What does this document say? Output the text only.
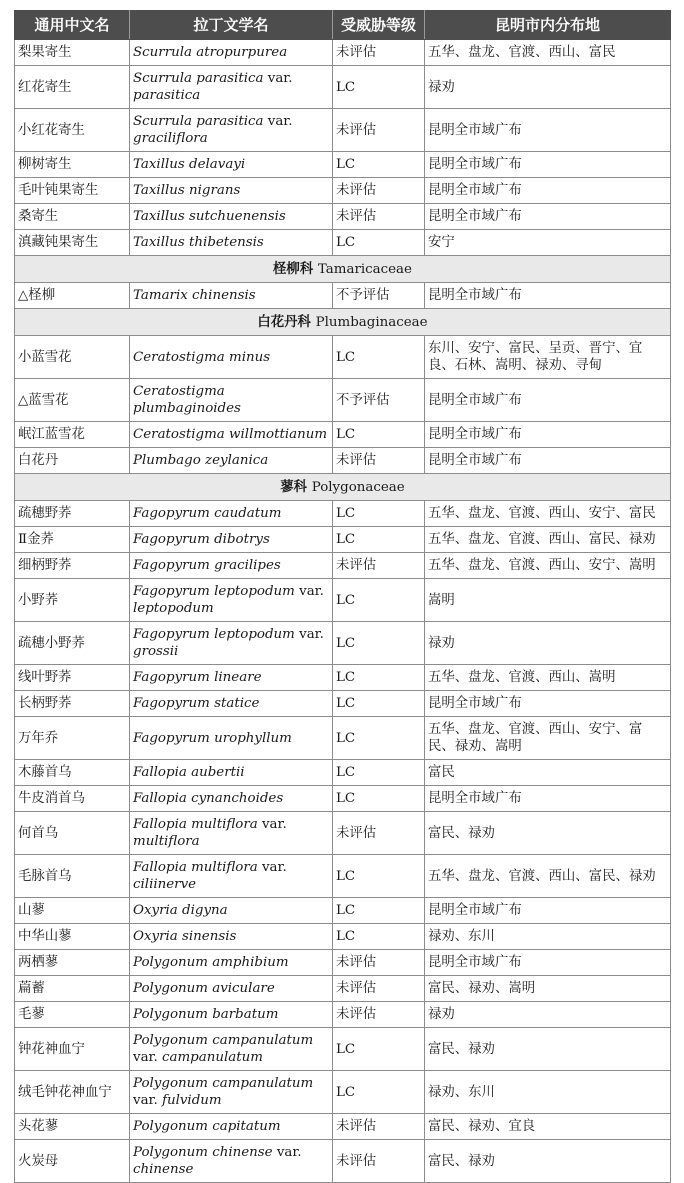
通用中文名	拉丁文学名	受威胁等级	昆明市内分布地
梨果寄生	Scurrula atropurpurea	未评估	五华、盘龙、官渡、西山、富民
红花寄生	Scurrula parasitica var. parasitica	LC	禄劝
小红花寄生	Scurrula parasitica var. graciliflora	未评估	昆明全市域广布
柳树寄生	Taxillus delavayi	LC	昆明全市域广布
毛叶钝果寄生	Taxillus nigrans	未评估	昆明全市域广布
桑寄生	Taxillus sutchuenensis	未评估	昆明全市域广布
滇藏钝果寄生	Taxillus thibetensis	LC	安宁
柽柳科 Tamaricaceae			
△柽柳	Tamarix chinensis	不予评估	昆明全市域广布
白花丹科 Plumbaginaceae			
小蓝雪花	Ceratostigma minus	LC	东川、安宁、富民、呈贡、晋宁、宜良、石林、嵩明、禄劝、寻甸
△蓝雪花	Ceratostigma plumbaginoides	不予评估	昆明全市域广布
岷江蓝雪花	Ceratostigma willmottianum	LC	昆明全市域广布
白花丹	Plumbago zeylanica	未评估	昆明全市域广布
蓼科 Polygonaceae			
疏穗野荞	Fagopyrum caudatum	LC	五华、盘龙、官渡、西山、安宁、富民
Ⅱ金荞	Fagopyrum dibotrys	LC	五华、盘龙、官渡、西山、富民、禄劝
细柄野荞	Fagopyrum gracilipes	未评估	五华、盘龙、官渡、西山、安宁、嵩明
小野荞	Fagopyrum leptopodum var. leptopodum	LC	嵩明
疏穗小野荞	Fagopyrum leptopodum var. grossii	LC	禄劝
线叶野荞	Fagopyrum lineare	LC	五华、盘龙、官渡、西山、嵩明
长柄野荞	Fagopyrum statice	LC	昆明全市域广布
万年乔	Fagopyrum urophyllum	LC	五华、盘龙、官渡、西山、安宁、富民、禄劝、嵩明
木藤首乌	Fallopia aubertii	LC	富民
牛皮消首乌	Fallopia cynanchoides	LC	昆明全市域广布
何首乌	Fallopia multiflora var. multiflora	未评估	富民、禄劝
毛脉首乌	Fallopia multiflora var. ciliinerve	LC	五华、盘龙、官渡、西山、富民、禄劝
山蓼	Oxyria digyna	LC	昆明全市域广布
中华山蓼	Oxyria sinensis	LC	禄劝、东川
两栖蓼	Polygonum amphibium	未评估	昆明全市域广布
萹蓄	Polygonum aviculare	未评估	富民、禄劝、嵩明
毛蓼	Polygonum barbatum	未评估	禄劝
钟花神血宁	Polygonum campanulatum var. campanulatum	LC	富民、禄劝
绒毛钟花神血宁	Polygonum campanulatum var. fulvidum	LC	禄劝、东川
头花蓼	Polygonum capitatum	未评估	富民、禄劝、宜良
火炭母	Polygonum chinense var. chinense	未评估	富民、禄劝
